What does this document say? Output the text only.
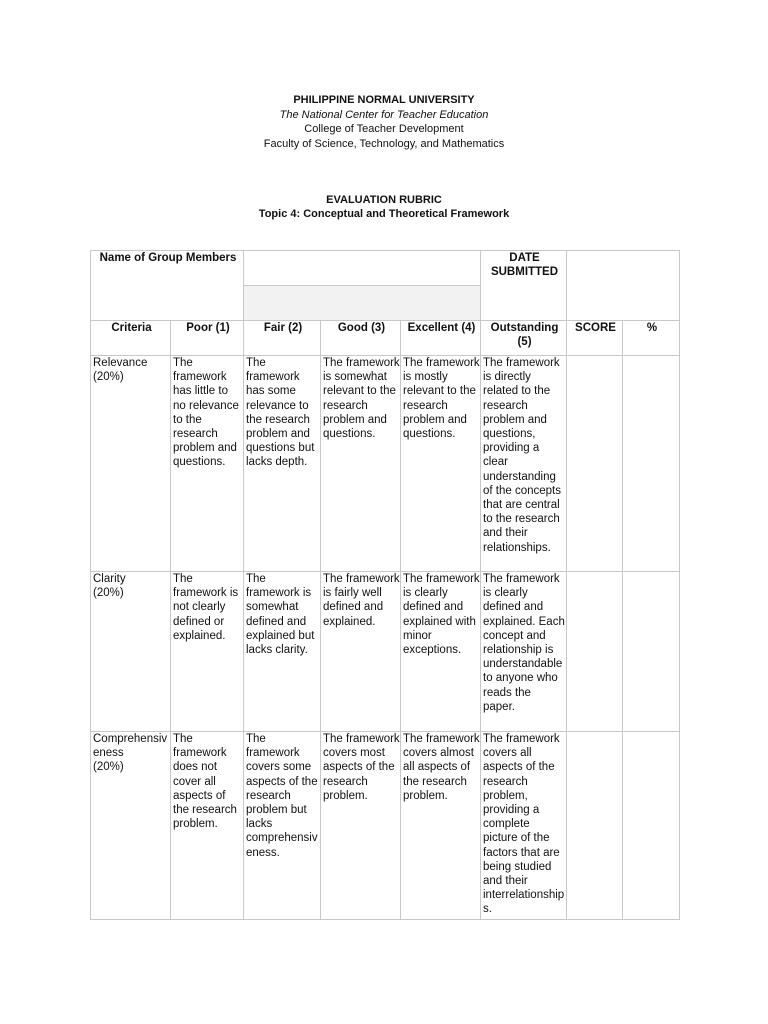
PHILIPPINE NORMAL UNIVERSITY
The National Center for Teacher Education
College of Teacher Development
Faculty of Science, Technology, and Mathematics
EVALUATION RUBRIC
Topic 4: Conceptual and Theoretical Framework
Name of Group Members					DATE SUBMITTED		

Criteria	Poor (1)	Fair (2)	Good (3)	Excellent (4)	Outstanding (5)	SCORE	%

Relevance
(20%)	The framework has little to no relevance to the research problem and questions.	The framework has some relevance to the research problem and questions but lacks depth.	The framework is somewhat relevant to the research problem and questions.	The framework is mostly relevant to the research problem and questions.	The framework is directly related to the research problem and questions, providing a clear understanding of the concepts that are central to the research and their relationships.		

Clarity
(20%)	The framework is not clearly defined or explained.	The framework is somewhat defined and explained but lacks clarity.	The framework is fairly well defined and explained.	The framework is clearly defined and explained with minor exceptions.	The framework is clearly defined and explained. Each concept and relationship is understandable to anyone who reads the paper.		

Comprehensiveness
(20%)	The framework does not cover all aspects of the research problem.	The framework covers some aspects of the research problem but lacks comprehensiveness.	The framework covers most aspects of the research problem.	The framework covers almost all aspects of the research problem.	The framework covers all aspects of the research problem, providing a complete picture of the factors that are being studied and their interrelationships.		
